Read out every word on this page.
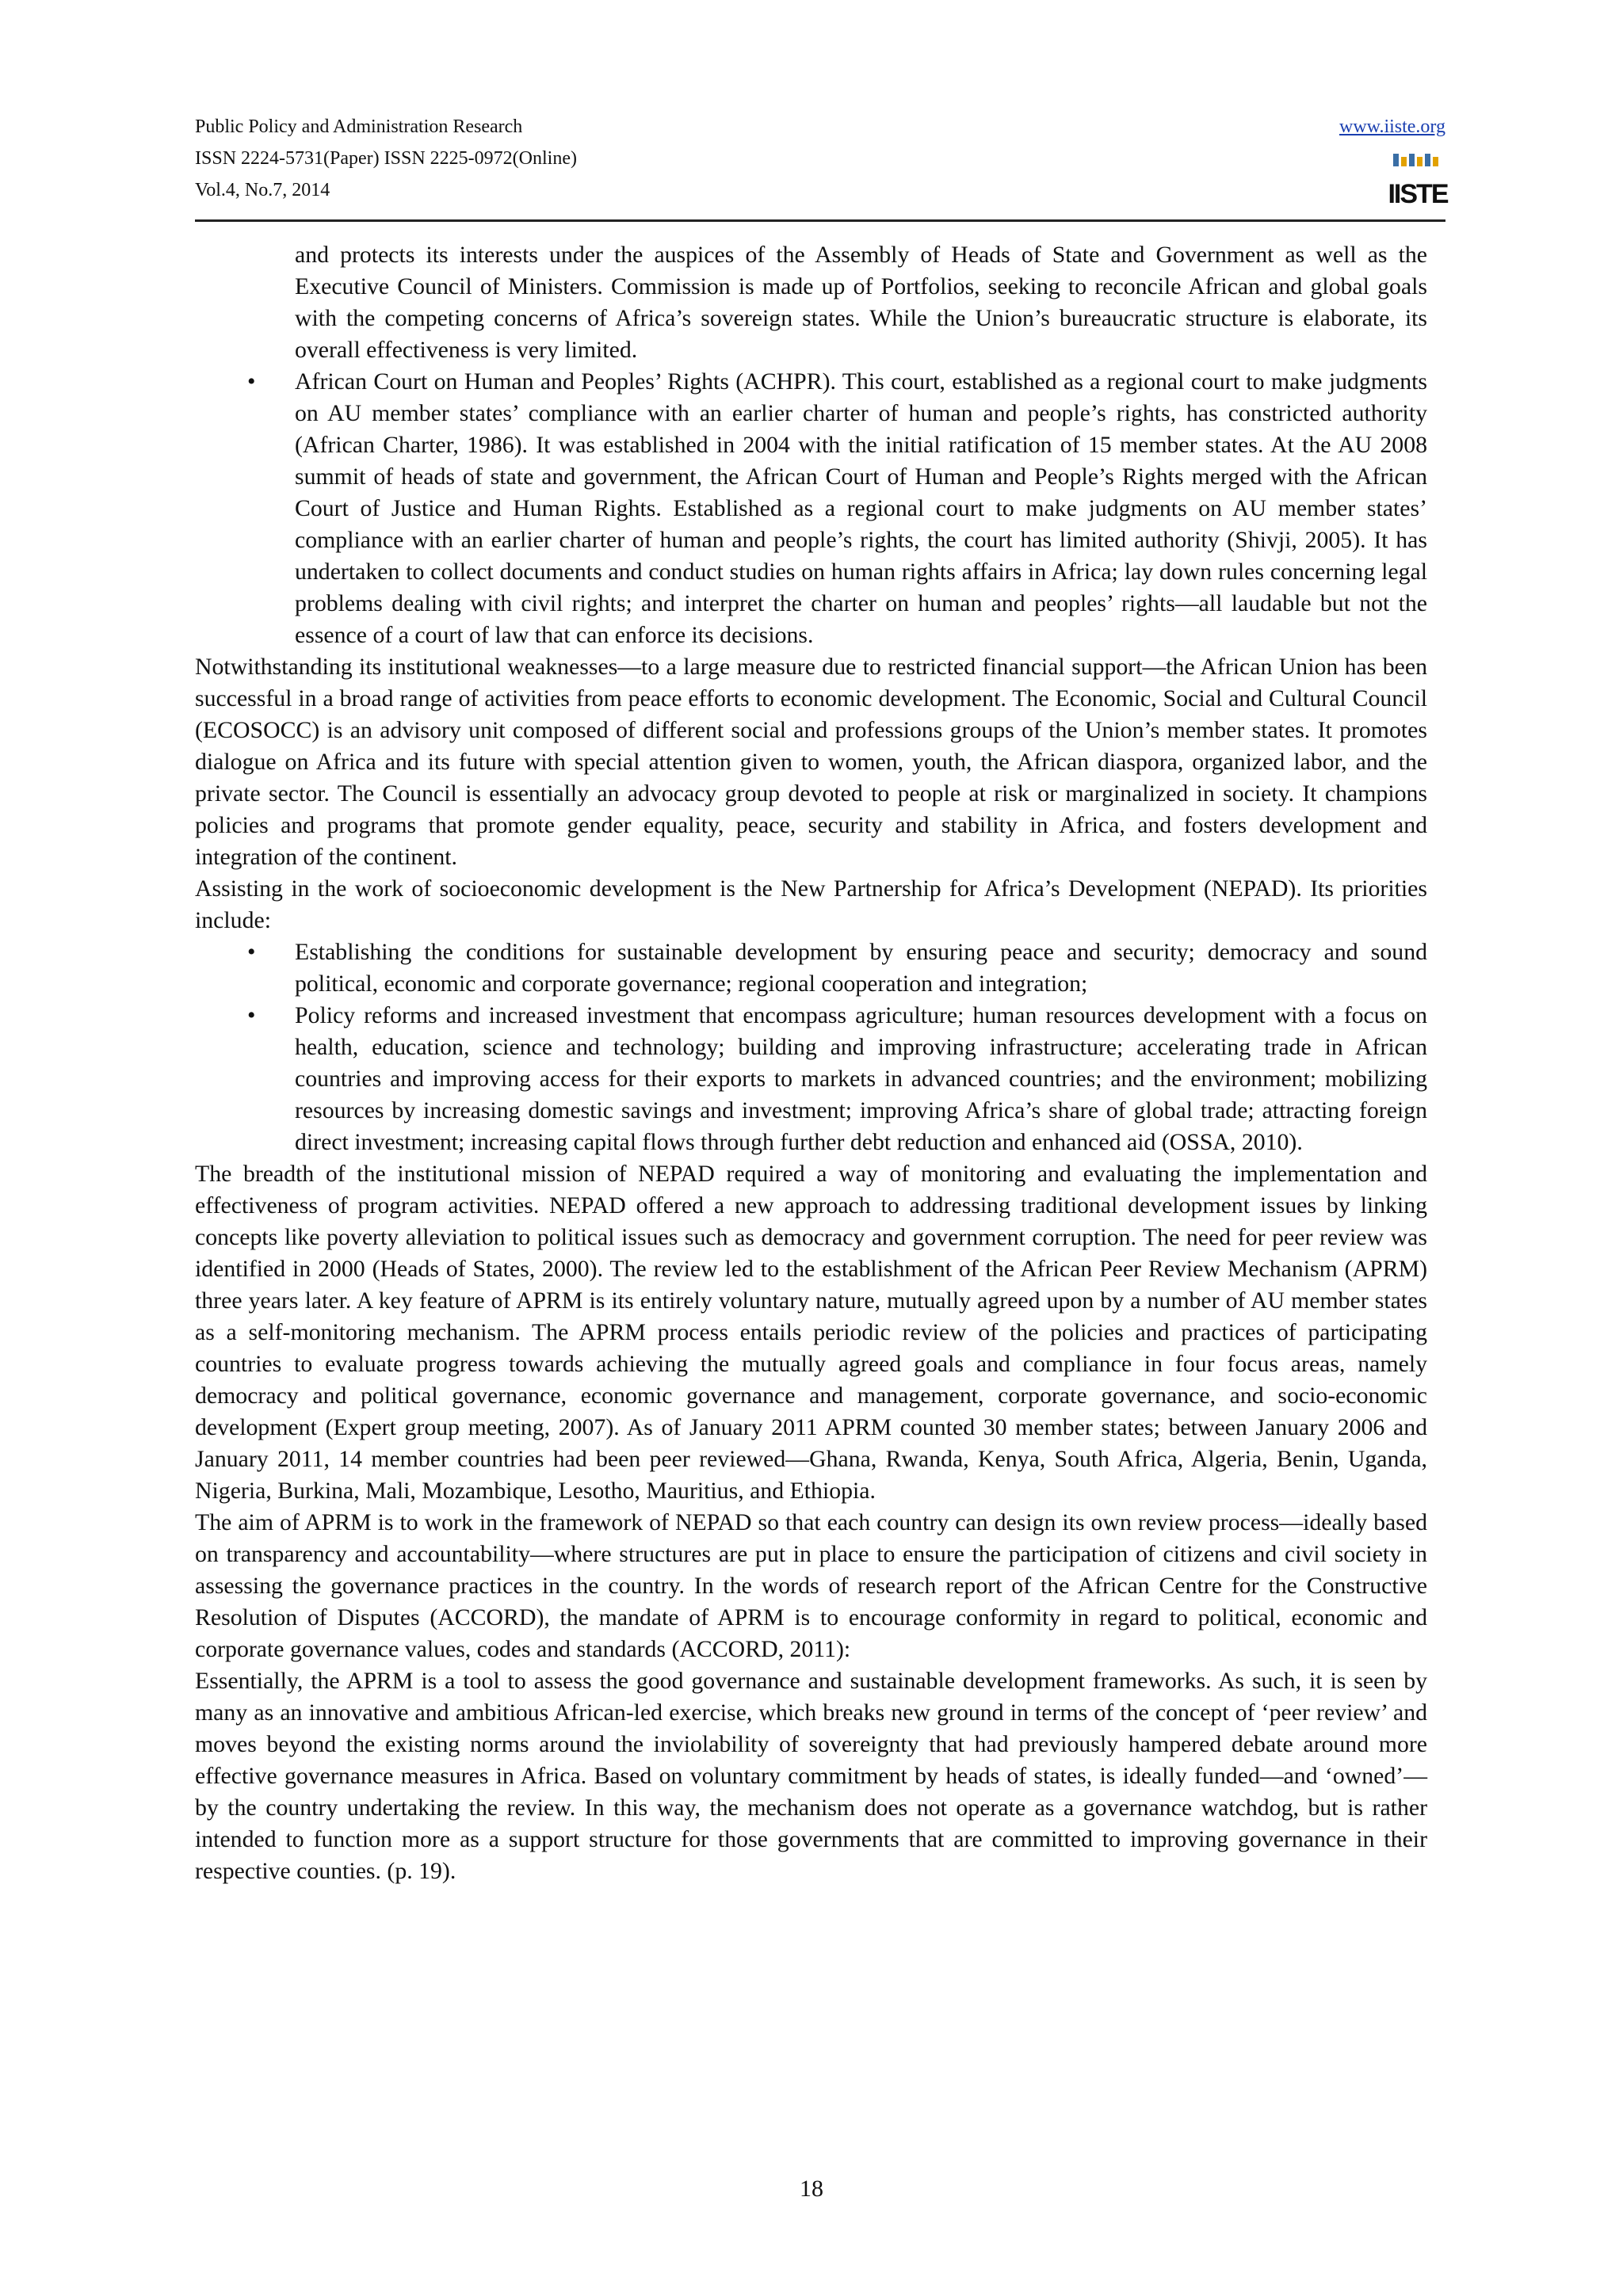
Public Policy and Administration Research
ISSN 2224-5731(Paper) ISSN 2225-0972(Online)
Vol.4, No.7, 2014
www.iiste.org
IISTE

and protects its interests under the auspices of the Assembly of Heads of State and Government as well as the Executive Council of Ministers. Commission is made up of Portfolios, seeking to reconcile African and global goals with the competing concerns of Africa’s sovereign states. While the Union’s bureaucratic structure is elaborate, its overall effectiveness is very limited.

• African Court on Human and Peoples’ Rights (ACHPR). This court, established as a regional court to make judgments on AU member states’ compliance with an earlier charter of human and people’s rights, has constricted authority (African Charter, 1986). It was established in 2004 with the initial ratification of 15 member states. At the AU 2008 summit of heads of state and government, the African Court of Human and People’s Rights merged with the African Court of Justice and Human Rights. Established as a regional court to make judgments on AU member states’ compliance with an earlier charter of human and people’s rights, the court has limited authority (Shivji, 2005). It has undertaken to collect documents and conduct studies on human rights affairs in Africa; lay down rules concerning legal problems dealing with civil rights; and interpret the charter on human and peoples’ rights—all laudable but not the essence of a court of law that can enforce its decisions.

Notwithstanding its institutional weaknesses—to a large measure due to restricted financial support—the African Union has been successful in a broad range of activities from peace efforts to economic development. The Economic, Social and Cultural Council (ECOSOCC) is an advisory unit composed of different social and professions groups of the Union’s member states. It promotes dialogue on Africa and its future with special attention given to women, youth, the African diaspora, organized labor, and the private sector. The Council is essentially an advocacy group devoted to people at risk or marginalized in society. It champions policies and programs that promote gender equality, peace, security and stability in Africa, and fosters development and integration of the continent.

Assisting in the work of socioeconomic development is the New Partnership for Africa’s Development (NEPAD). Its priorities include:

• Establishing the conditions for sustainable development by ensuring peace and security; democracy and sound political, economic and corporate governance; regional cooperation and integration;
• Policy reforms and increased investment that encompass agriculture; human resources development with a focus on health, education, science and technology; building and improving infrastructure; accelerating trade in African countries and improving access for their exports to markets in advanced countries; and the environment; mobilizing resources by increasing domestic savings and investment; improving Africa’s share of global trade; attracting foreign direct investment; increasing capital flows through further debt reduction and enhanced aid (OSSA, 2010).

The breadth of the institutional mission of NEPAD required a way of monitoring and evaluating the implementation and effectiveness of program activities. NEPAD offered a new approach to addressing traditional development issues by linking concepts like poverty alleviation to political issues such as democracy and government corruption. The need for peer review was identified in 2000 (Heads of States, 2000). The review led to the establishment of the African Peer Review Mechanism (APRM) three years later. A key feature of APRM is its entirely voluntary nature, mutually agreed upon by a number of AU member states as a self-monitoring mechanism. The APRM process entails periodic review of the policies and practices of participating countries to evaluate progress towards achieving the mutually agreed goals and compliance in four focus areas, namely democracy and political governance, economic governance and management, corporate governance, and socio-economic development (Expert group meeting, 2007). As of January 2011 APRM counted 30 member states; between January 2006 and January 2011, 14 member countries had been peer reviewed—Ghana, Rwanda, Kenya, South Africa, Algeria, Benin, Uganda, Nigeria, Burkina, Mali, Mozambique, Lesotho, Mauritius, and Ethiopia.

The aim of APRM is to work in the framework of NEPAD so that each country can design its own review process—ideally based on transparency and accountability—where structures are put in place to ensure the participation of citizens and civil society in assessing the governance practices in the country. In the words of research report of the African Centre for the Constructive Resolution of Disputes (ACCORD), the mandate of APRM is to encourage conformity in regard to political, economic and corporate governance values, codes and standards (ACCORD, 2011):

Essentially, the APRM is a tool to assess the good governance and sustainable development frameworks. As such, it is seen by many as an innovative and ambitious African-led exercise, which breaks new ground in terms of the concept of ‘peer review’ and moves beyond the existing norms around the inviolability of sovereignty that had previously hampered debate around more effective governance measures in Africa. Based on voluntary commitment by heads of states, is ideally funded—and ‘owned’—by the country undertaking the review. In this way, the mechanism does not operate as a governance watchdog, but is rather intended to function more as a support structure for those governments that are committed to improving governance in their respective counties. (p. 19).

18
